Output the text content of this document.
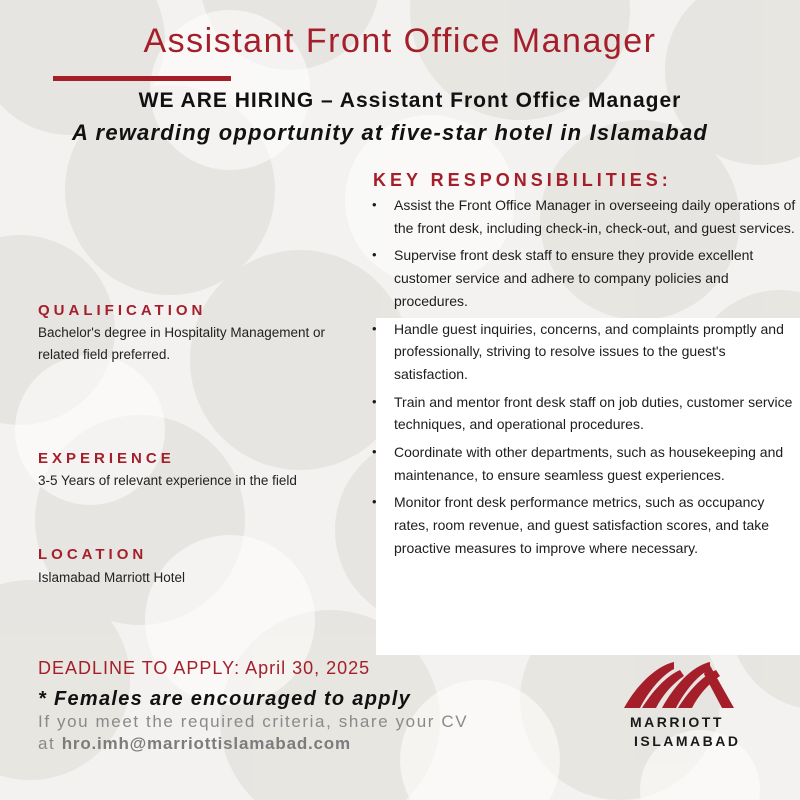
Assistant Front Office Manager
WE ARE HIRING – Assistant Front Office Manager
A rewarding opportunity at five-star hotel in Islamabad
KEY RESPONSIBILITIES:
• Assist the Front Office Manager in overseeing daily operations of the front desk, including check-in, check-out, and guest services.
• Supervise front desk staff to ensure they provide excellent customer service and adhere to company policies and procedures.
• Handle guest inquiries, concerns, and complaints promptly and professionally, striving to resolve issues to the guest's satisfaction.
• Train and mentor front desk staff on job duties, customer service techniques, and operational procedures.
• Coordinate with other departments, such as housekeeping and maintenance, to ensure seamless guest experiences.
• Monitor front desk performance metrics, such as occupancy rates, room revenue, and guest satisfaction scores, and take proactive measures to improve where necessary.
QUALIFICATION
Bachelor's degree in Hospitality Management or related field preferred.
EXPERIENCE
3-5 Years of relevant experience in the field
LOCATION
Islamabad Marriott Hotel
DEADLINE TO APPLY: April 30, 2025
* Females are encouraged to apply
If you meet the required criteria, share your CV
at hro.imh@marriottislamabad.com
MARRIOTT
ISLAMABAD
